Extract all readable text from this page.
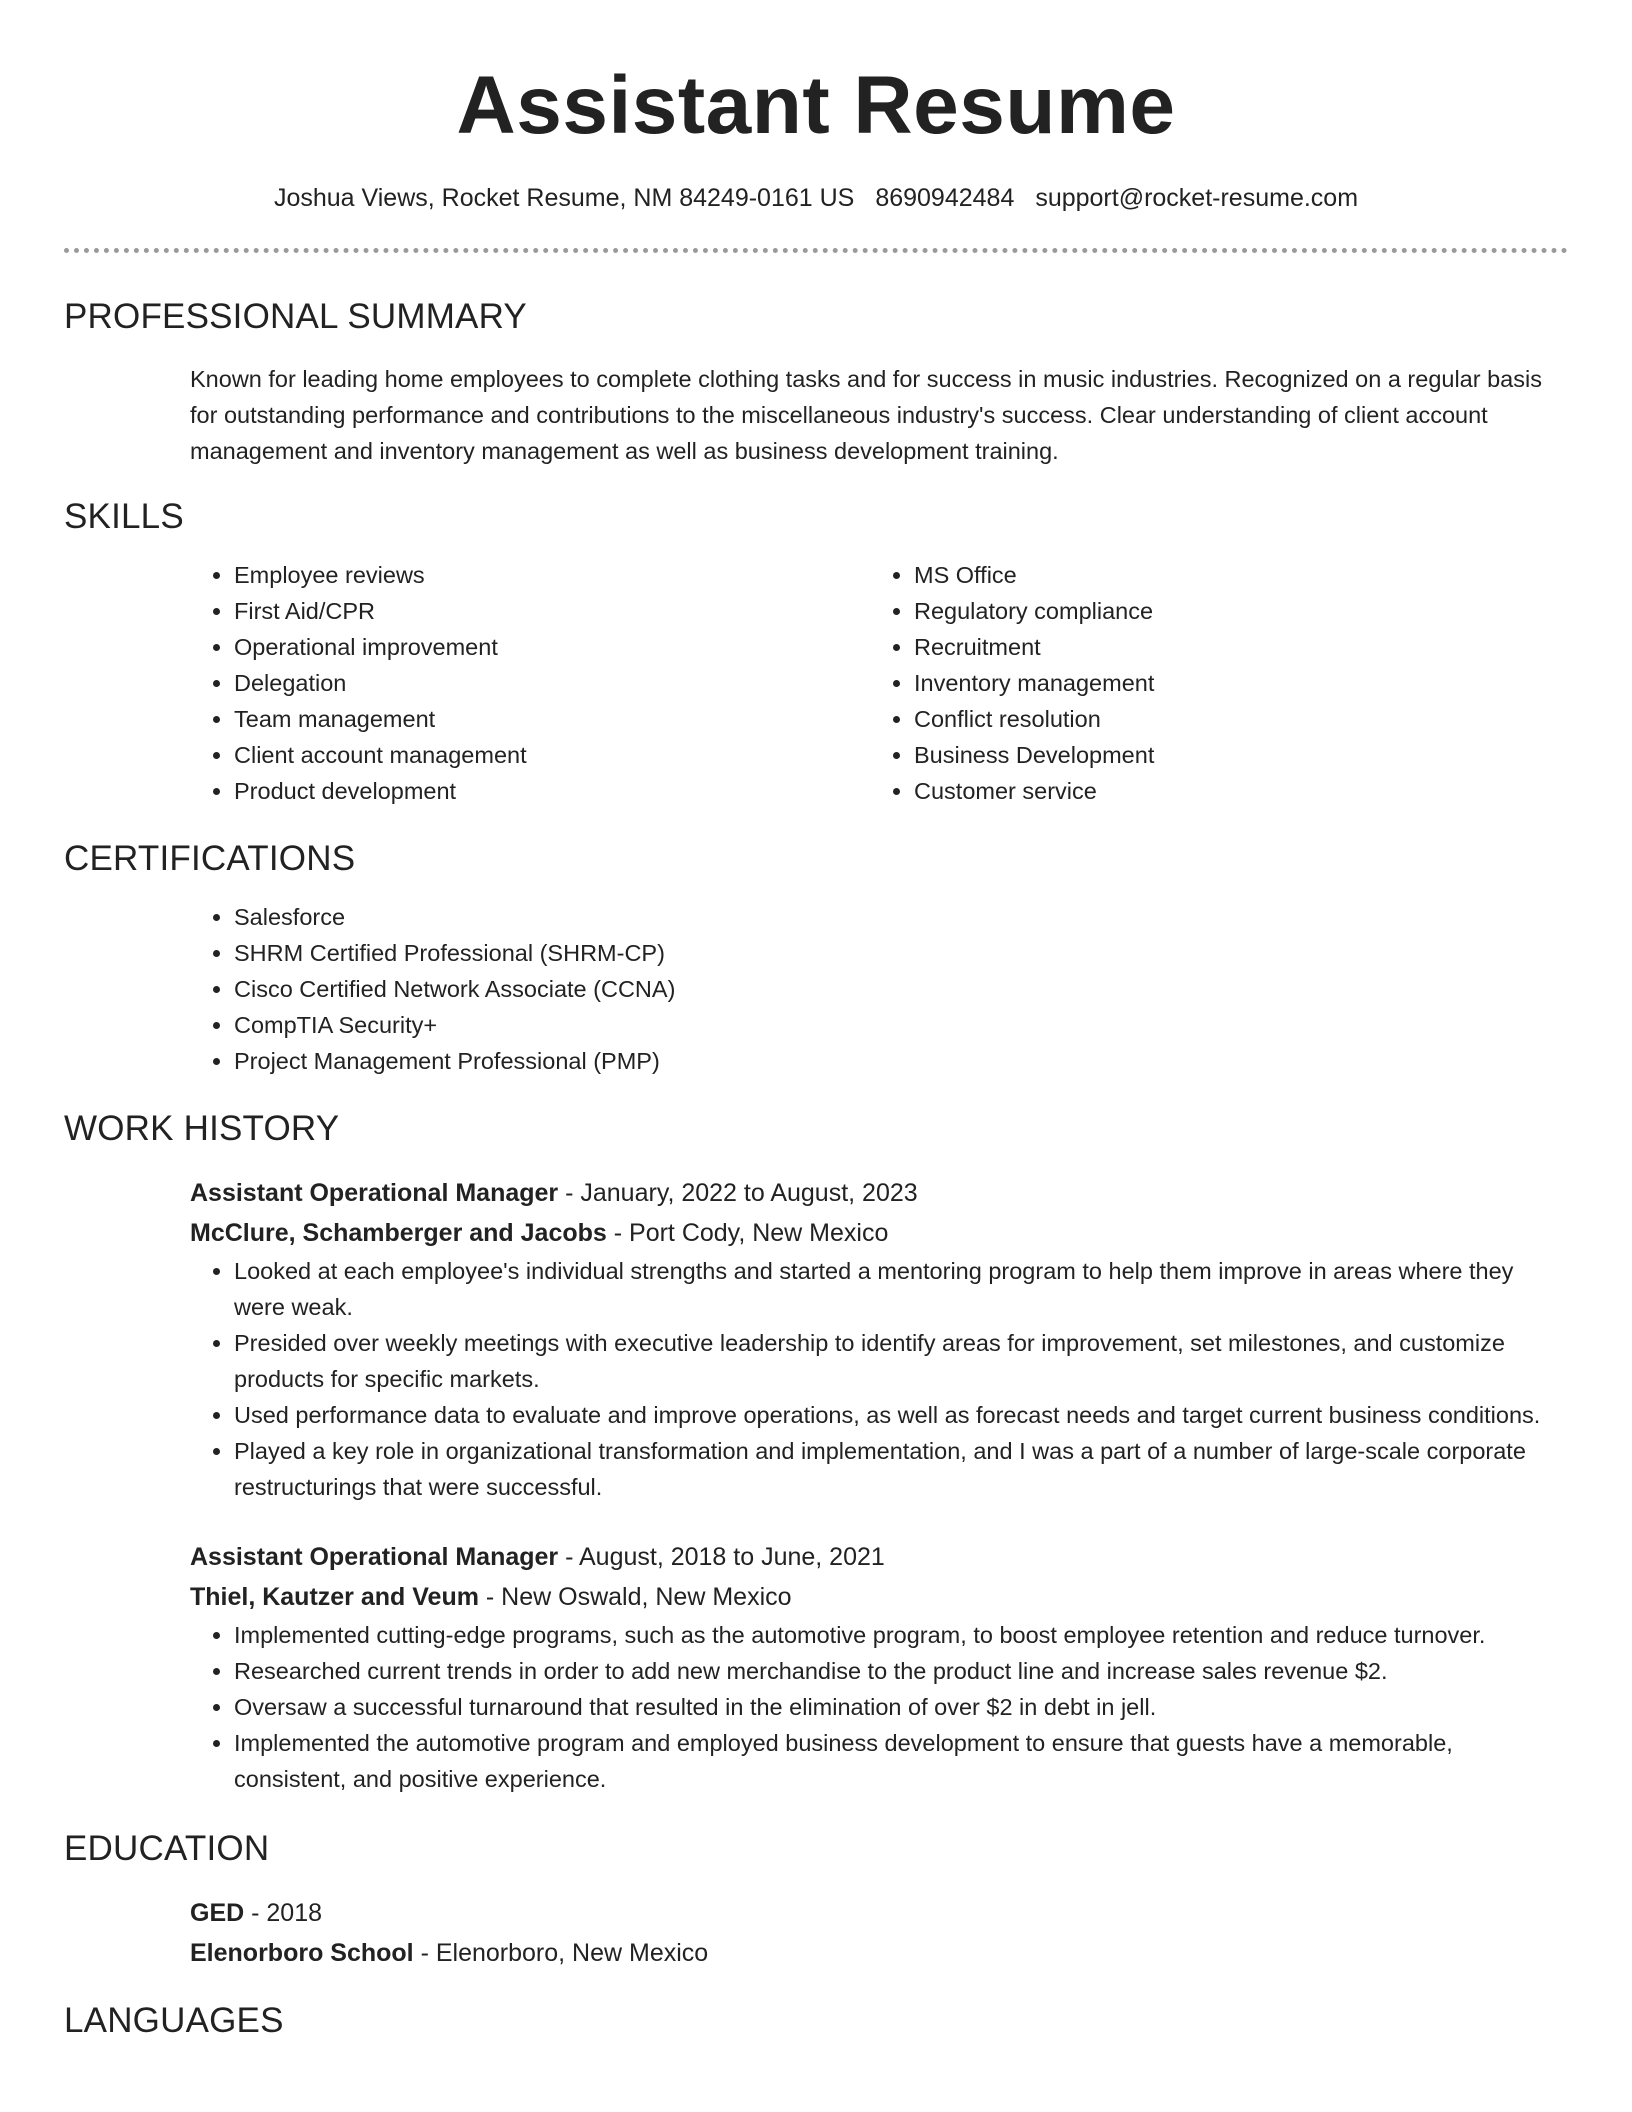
Assistant Resume
Joshua Views, Rocket Resume, NM 84249-0161 US 8690942484 support@rocket-resume.com
PROFESSIONAL SUMMARY
Known for leading home employees to complete clothing tasks and for success in music industries. Recognized on a regular basis for outstanding performance and contributions to the miscellaneous industry's success. Clear understanding of client account management and inventory management as well as business development training.
SKILLS
• Employee reviews
• First Aid/CPR
• Operational improvement
• Delegation
• Team management
• Client account management
• Product development
• MS Office
• Regulatory compliance
• Recruitment
• Inventory management
• Conflict resolution
• Business Development
• Customer service
CERTIFICATIONS
• Salesforce
• SHRM Certified Professional (SHRM-CP)
• Cisco Certified Network Associate (CCNA)
• CompTIA Security+
• Project Management Professional (PMP)
WORK HISTORY
Assistant Operational Manager - January, 2022 to August, 2023
McClure, Schamberger and Jacobs - Port Cody, New Mexico
• Looked at each employee's individual strengths and started a mentoring program to help them improve in areas where they were weak.
• Presided over weekly meetings with executive leadership to identify areas for improvement, set milestones, and customize products for specific markets.
• Used performance data to evaluate and improve operations, as well as forecast needs and target current business conditions.
• Played a key role in organizational transformation and implementation, and I was a part of a number of large-scale corporate restructurings that were successful.
Assistant Operational Manager - August, 2018 to June, 2021
Thiel, Kautzer and Veum - New Oswald, New Mexico
• Implemented cutting-edge programs, such as the automotive program, to boost employee retention and reduce turnover.
• Researched current trends in order to add new merchandise to the product line and increase sales revenue $2.
• Oversaw a successful turnaround that resulted in the elimination of over $2 in debt in jell.
• Implemented the automotive program and employed business development to ensure that guests have a memorable, consistent, and positive experience.
EDUCATION
GED - 2018
Elenorboro School - Elenorboro, New Mexico
LANGUAGES
